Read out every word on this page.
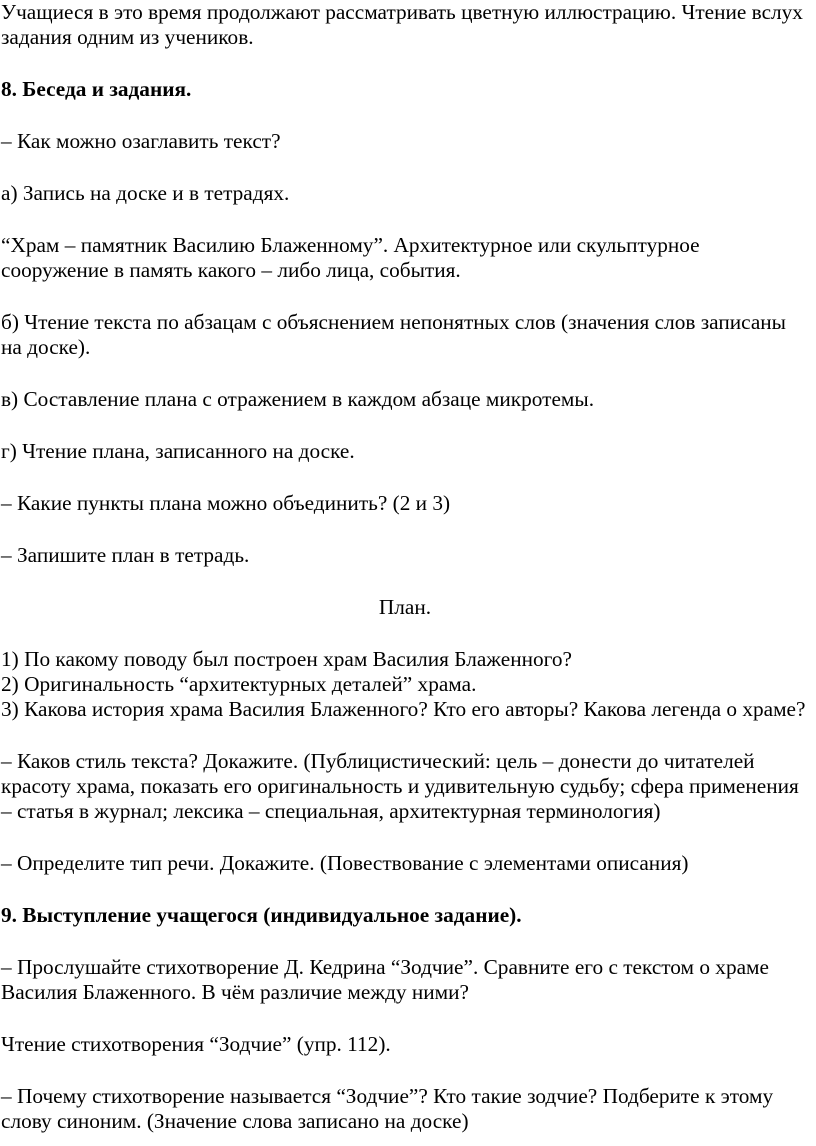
Учащиеся в это время продолжают рассматривать цветную иллюстрацию. Чтение вслух задания одним из учеников.

8. Беседа и задания.

– Как можно озаглавить текст?

а) Запись на доске и в тетрадях.

“Храм – памятник Василию Блаженному”. Архитектурное или скульптурное сооружение в память какого – либо лица, события.

б) Чтение текста по абзацам с объяснением непонятных слов (значения слов записаны на доске).

в) Составление плана с отражением в каждом абзаце микротемы.

г) Чтение плана, записанного на доске.

– Какие пункты плана можно объединить? (2 и 3)

– Запишите план в тетрадь.

План.

1) По какому поводу был построен храм Василия Блаженного?

2) Оригинальность “архитектурных деталей” храма.

3) Какова история храма Василия Блаженного? Кто его авторы? Какова легенда о храме?

– Каков стиль текста? Докажите. (Публицистический: цель – донести до читателей красоту храма, показать его оригинальность и удивительную судьбу; сфера применения – статья в журнал; лексика – специальная, архитектурная терминология)

– Определите тип речи. Докажите. (Повествование с элементами описания)

9. Выступление учащегося (индивидуальное задание).

– Прослушайте стихотворение Д. Кедрина “Зодчие”. Сравните его с текстом о храме Василия Блаженного. В чём различие между ними?

Чтение стихотворения “Зодчие” (упр. 112).

– Почему стихотворение называется “Зодчие”? Кто такие зодчие? Подберите к этому слову синоним. (Значение слова записано на доске)
